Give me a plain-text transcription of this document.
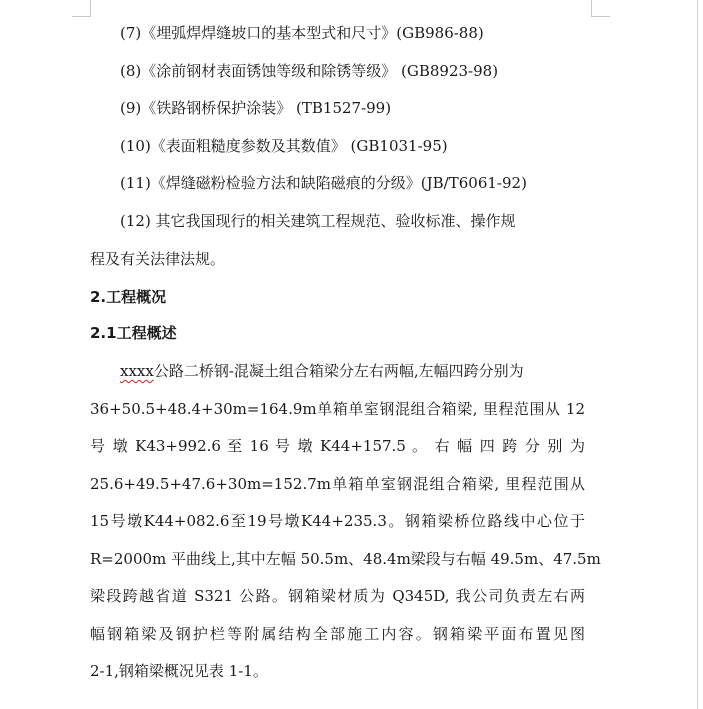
(7)《埋弧焊焊缝坡口的基本型式和尺寸》(GB986-88)
(8)《涂前钢材表面锈蚀等级和除锈等级》 (GB8923-98)
(9)《铁路钢桥保护涂装》 (TB1527-99)
(10)《表面粗糙度参数及其数值》 (GB1031-95)
(11)《焊缝磁粉检验方法和缺陷磁痕的分级》(JB/T6061-92)
(12) 其它我国现行的相关建筑工程规范、验收标准、操作规
程及有关法律法规。
2.工程概况
2.1工程概述
xxxx公路二桥钢-混凝土组合箱梁分左右两幅,左幅四跨分别为
36+50.5+48.4+30m=164.9m单箱单室钢混组合箱梁, 里程范围从 12
号 墩 K43+992.6 至 16 号 墩 K44+157.5 。 右 幅 四 跨 分 别 为
25.6+49.5+47.6+30m=152.7m单箱单室钢混组合箱梁, 里程范围从
15号墩K44+082.6至19号墩K44+235.3。钢箱梁桥位路线中心位于
R=2000m 平曲线上,其中左幅 50.5m、48.4m梁段与右幅 49.5m、47.5m
梁段跨越省道 S321 公路。钢箱梁材质为 Q345D, 我公司负责左右两
幅钢箱梁及钢护栏等附属结构全部施工内容。钢箱梁平面布置见图
2-1,钢箱梁概况见表 1-1。
